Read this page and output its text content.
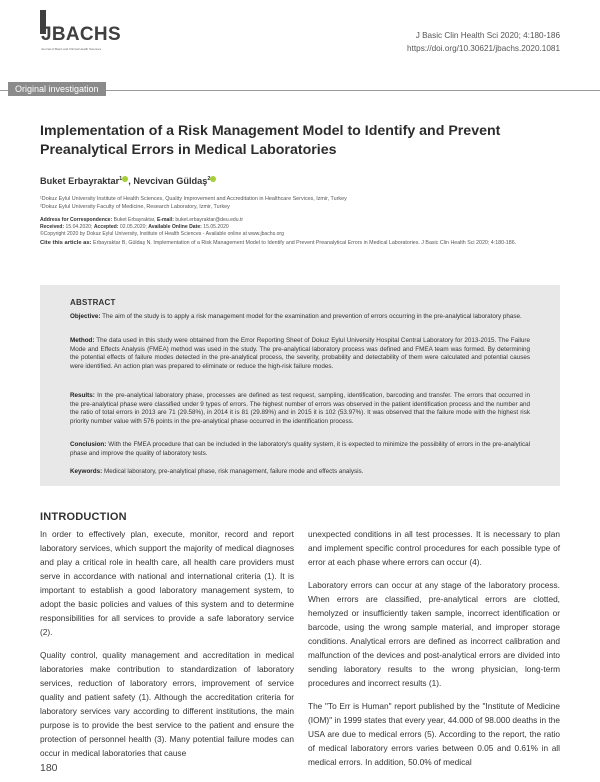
JBACHS
Journal of Basic and Clinical Health Sciences
J Basic Clin Health Sci 2020; 4:180-186
https://doi.org/10.30621/jbachs.2020.1081
Original investigation
Implementation of a Risk Management Model to Identify and Prevent Preanalytical Errors in Medical Laboratories
Buket Erbayraktar$^1$ , Nevcivan Güldaş$^2$
¹Dokuz Eylul University Institute of Health Sciences, Quality Improvement and Accreditation in Healthcare Services, Izmir, Turkey
²Dokuz Eylul University Faculty of Medicine, Research Laboratory, Izmir, Turkey
Address for Correspondence: Buket Erbayraktar, E-mail: buket.erbayraktar@deu.edu.tr
Received: 15.04.2020; Accepted: 02.05.2020; Available Online Date: 15.05.2020
©Copyright 2020 by Dokuz Eylul University, Institute of Health Sciences - Available online at www.jbachs.org
Cite this article as: Erbayraktar B, Güldaş N. Implementation of a Risk Management Model to Identify and Prevent Preanalytical Errors in Medical Laboratories. J Basic Clin Health Sci 2020; 4:180-186.
ABSTRACT

Objective: The aim of the study is to apply a risk management model for the examination and prevention of errors occurring in the pre-analytical laboratory phase.

Method: The data used in this study were obtained from the Error Reporting Sheet of Dokuz Eylul University Hospital Central Laboratory for 2013-2015. The Failure Mode and Effects Analysis (FMEA) method was used in the study. The pre-analytical laboratory process was defined and FMEA team was formed. By determining the potential effects of failure modes detected in the pre-analytical process, the severity, probability and detectability of them were calculated and potential causes were identified. An action plan was prepared to eliminate or reduce the high-risk failure modes.

Results: In the pre-analytical laboratory phase, processes are defined as test request, sampling, identification, barcoding and transfer. The errors that occurred in the pre-analytical phase were classified under 9 types of errors. The highest number of errors was observed in the patient identification process and the number and the ratio of total errors in 2013 are 71 (29.58%), in 2014 it is 81 (29.89%) and in 2015 it is 102 (53.97%). It was observed that the failure mode with the highest risk priority number value with 576 points in the pre-analytical phase occurred in the identification process.

Conclusion: With the FMEA procedure that can be included in the laboratory's quality system, it is expected to minimize the possibility of errors in the pre-analytical phase and improve the quality of laboratory tests.

Keywords: Medical laboratory, pre-analytical phase, risk management, failure mode and effects analysis.

INTRODUCTION

In order to effectively plan, execute, monitor, record and report laboratory services, which support the majority of medical diagnoses and play a critical role in health care, all health care providers must serve in accordance with national and international criteria (1). It is important to establish a good laboratory management system, to adopt the basic policies and values of this system and to determine responsibilities for all services to provide a safe laboratory service (2).

Quality control, quality management and accreditation in medical laboratories make contribution to standardization of laboratory services, reduction of laboratory errors, improvement of service quality and patient safety (1). Although the accreditation criteria for laboratory services vary according to different institutions, the main purpose is to provide the best service to the patient and ensure the protection of personnel health (3). Many potential failure modes can occur in medical laboratories that cause

unexpected conditions in all test processes. It is necessary to plan and implement specific control procedures for each possible type of error at each phase where errors can occur (4).

Laboratory errors can occur at any stage of the laboratory process. When errors are classified, pre-analytical errors are clotted, hemolyzed or insufficiently taken sample, incorrect identification or barcode, using the wrong sample material, and improper storage conditions. Analytical errors are defined as incorrect calibration and malfunction of the devices and post-analytical errors are divided into sending laboratory results to the wrong physician, long-term procedures and incorrect results (1).

The "To Err is Human" report published by the "Institute of Medicine (IOM)" in 1999 states that every year, 44.000 of 98.000 deaths in the USA are due to medical errors (5). According to the report, the ratio of medical laboratory errors varies between 0.05 and 0.61% in all medical errors. In addition, 50.0% of medical

180
